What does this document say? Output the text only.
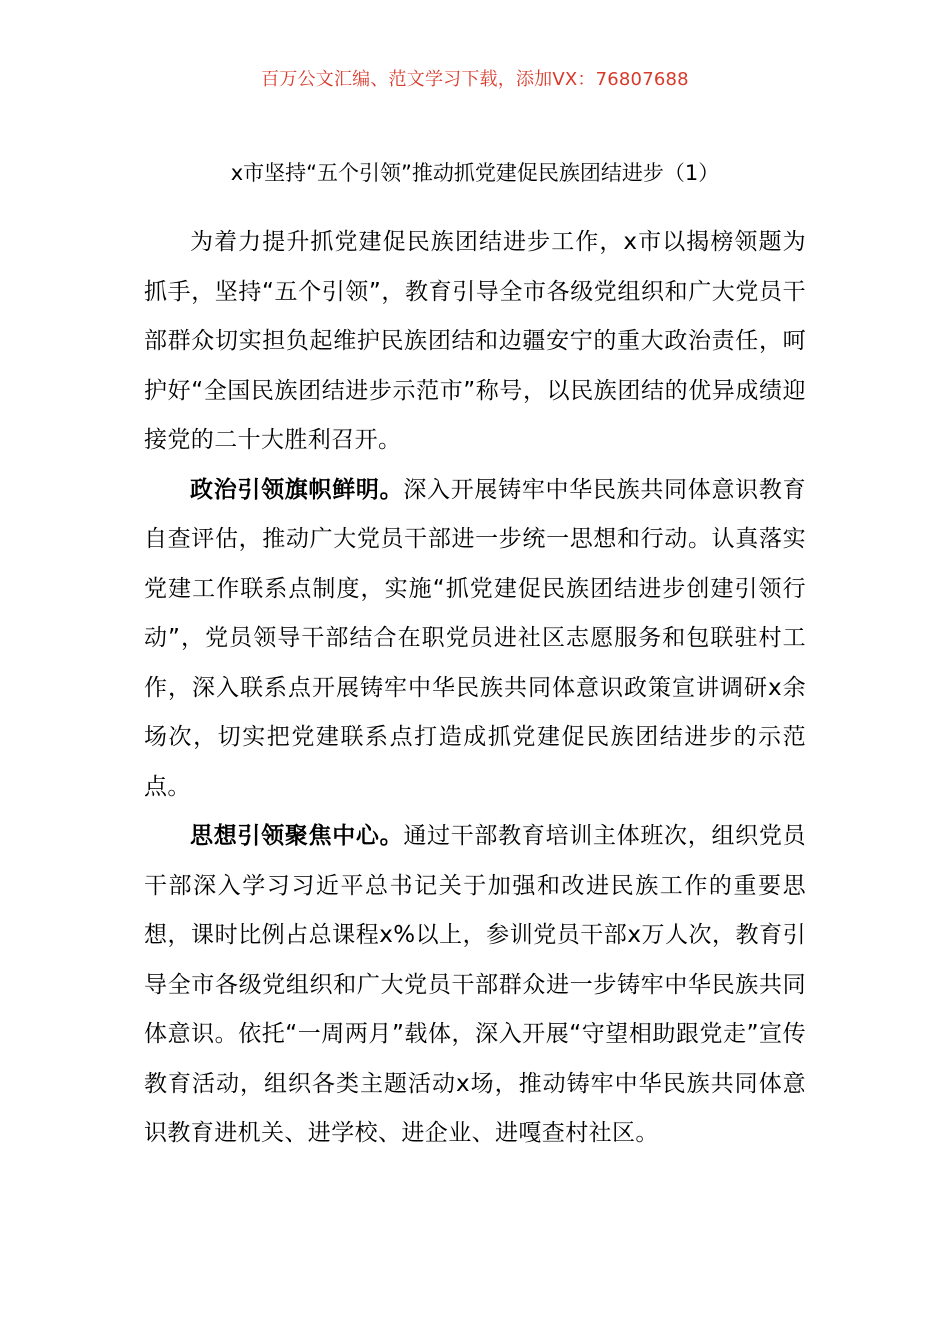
百万公文汇编、范文学习下载，添加VX：76807688
x市坚持“五个引领”推动抓党建促民族团结进步（1）

为着力提升抓党建促民族团结进步工作，x市以揭榜领题为抓手，坚持“五个引领”，教育引导全市各级党组织和广大党员干部群众切实担负起维护民族团结和边疆安宁的重大政治责任，呵护好“全国民族团结进步示范市”称号，以民族团结的优异成绩迎接党的二十大胜利召开。

政治引领旗帜鲜明。深入开展铸牢中华民族共同体意识教育自查评估，推动广大党员干部进一步统一思想和行动。认真落实党建工作联系点制度，实施“抓党建促民族团结进步创建引领行动”，党员领导干部结合在职党员进社区志愿服务和包联驻村工作，深入联系点开展铸牢中华民族共同体意识政策宣讲调研x余场次，切实把党建联系点打造成抓党建促民族团结进步的示范点。

思想引领聚焦中心。通过干部教育培训主体班次，组织党员干部深入学习习近平总书记关于加强和改进民族工作的重要思想，课时比例占总课程x%以上，参训党员干部x万人次，教育引导全市各级党组织和广大党员干部群众进一步铸牢中华民族共同体意识。依托“一周两月”载体，深入开展“守望相助跟党走”宣传教育活动，组织各类主题活动x场，推动铸牢中华民族共同体意识教育进机关、进学校、进企业、进嘎查村社区。
